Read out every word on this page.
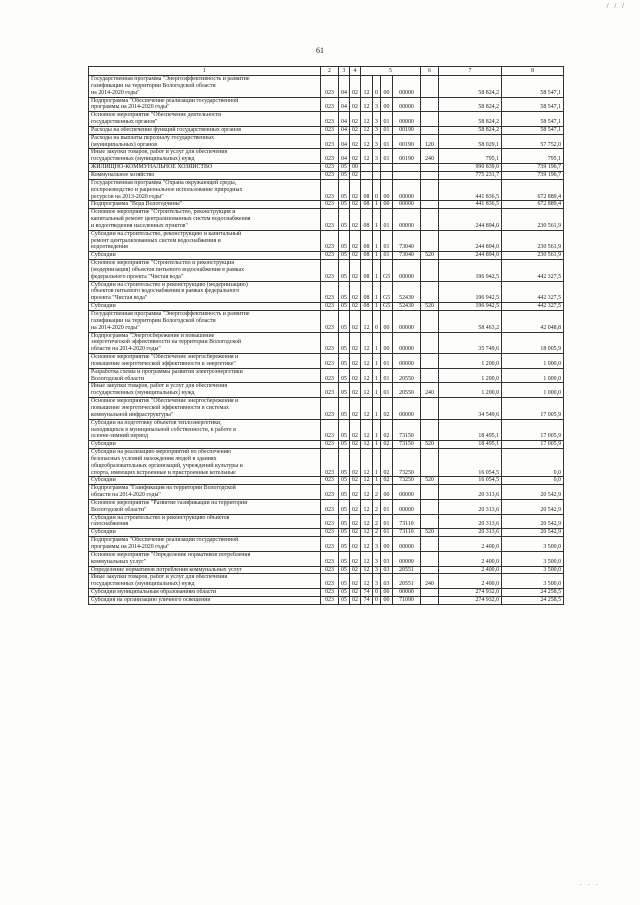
/ / /
61
1	2	3	4	5				6	7	8
Государственная программа "Энергоэффективность и развитие
газификации на территории Вологодской области
на 2014-2020 годы"	023	04	02	12	0	00	00000		58 824,2	58 547,1
Подпрограмма "Обеспечение реализации государственной
программы на 2014-2020 годы"	023	04	02	12	3	00	00000		58 824,2	58 547,1
Основное мероприятие "Обеспечение деятельности
государственных органов"	023	04	02	12	3	01	00000		58 824,2	58 547,1
Расходы на обеспечение функций государственных органов	023	04	02	12	3	01	00190		58 824,2	58 547,1
Расходы на выплаты персоналу государственных
(муниципальных) органов	023	04	02	12	3	01	00190	120	58 029,1	57 752,0
Иные закупки товаров, работ и услуг для обеспечения
государственных (муниципальных) нужд	023	04	02	12	3	01	00190	240	795,1	795,1
ЖИЛИЩНО-КОММУНАЛЬНОЕ ХОЗЯЙСТВО	023	05	00						990 839,0	739 196,7
Коммунальное хозяйство	023	05	02						775 231,7	739 196,7
Государственная программа "Охрана окружающей среды,
воспроизводство и рациональное использование природных
ресурсов на 2013-2020 годы"	023	05	02	08	0	00	00000		441 836,5	672 889,4
Подпрограмма "Вода Вологодчины"	023	05	02	08	1	00	00000		441 836,5	672 889,4
Основное мероприятие "Строительство, реконструкция и
капитальный ремонт централизованных систем водоснабжения
и водоотведения населенных пунктов"	023	05	02	08	1	01	00000		244 894,0	230 561,9
Субсидии на строительство, реконструкцию и капитальный
ремонт централизованных систем водоснабжения и
водоотведения	023	05	02	08	1	01	73040		244 894,0	230 561,9
Субсидии	023	05	02	08	1	01	73040	520	244 894,0	230 561,9
Основное мероприятие "Строительство и реконструкция
(модернизация) объектов питьевого водоснабжения в рамках
федерального проекта "Чистая вода"	023	05	02	08	1	G5	00000		196 942,5	442 327,5
Субсидии на строительство и реконструкцию (модернизацию)
объектов питьевого водоснабжения в рамках федерального
проекта "Чистая вода"	023	05	02	08	1	G5	52430		196 942,5	442 327,5
Субсидии	023	05	02	08	1	G5	52430	520	196 942,5	442 327,5
Государственная программа "Энергоэффективность и развитие
газификации на территории Вологодской области
на 2014-2020 годы"	023	05	02	12	0	00	00000		58 463,2	42 048,8
Подпрограмма "Энергосбережение и повышение
энергетической эффективности на территории Вологодской
области на 2014-2020 годы"	023	05	02	12	1	00	00000		35 749,6	18 005,9
Основное мероприятие "Обеспечение энергосбережения и
повышение энергетической эффективности в энергетике"	023	05	02	12	1	01	00000		1 200,0	1 000,0
Разработка схемы и программы развития электроэнергетики
Вологодской области	023	05	02	12	1	01	20550		1 200,0	1 000,0
Иные закупки товаров, работ и услуг для обеспечения
государственных (муниципальных) нужд	023	05	02	12	1	01	20550	240	1 200,0	1 000,0
Основное мероприятие "Обеспечение энергосбережения и
повышение энергетической эффективности в системах
коммунальной инфраструктуры"	023	05	02	12	1	02	00000		34 549,6	17 005,9
Субсидии на подготовку объектов теплоэнергетики,
находящихся в муниципальной собственности, к работе в
осенне-зимний период	023	05	02	12	1	02	73150		18 495,1	17 005,9
Субсидии	023	05	02	12	1	02	73150	520	18 495,1	17 005,9
Субсидии на реализацию мероприятий по обеспечению
безопасных условий нахождения людей в зданиях
общеобразовательных организаций, учреждений культуры и
спорта, имеющих встроенные и пристроенные котельные	023	05	02	12	1	02	73250		16 054,5	0,0
Субсидии	023	05	02	12	1	02	73250	520	16 054,5	0,0
Подпрограмма "Газификация на территории Вологодской
области на 2014-2020 годы"	023	05	02	12	2	00	00000		20 313,6	20 542,9
Основное мероприятие "Развитие газификации на территории
Вологодской области"	023	05	02	12	2	01	00000		20 313,6	20 542,9
Субсидии на строительство и реконструкцию объектов
газоснабжения	023	05	02	12	2	01	73110		20 313,6	20 542,9
Субсидии	023	05	02	12	2	01	73110	520	20 313,6	20 542,9
Подпрограмма "Обеспечение реализации государственной
программы на 2014-2020 годы"	023	05	02	12	3	00	00000		2 400,0	3 500,0
Основное мероприятие "Определение нормативов потребления
коммунальных услуг"	023	05	02	12	3	03	00000		2 400,0	3 500,0
Определение нормативов потребления коммунальных услуг	023	05	02	12	3	03	20551		2 400,0	3 500,0
Иные закупки товаров, работ и услуг для обеспечения
государственных (муниципальных) нужд	023	05	02	12	3	03	20551	240	2 400,0	3 500,0
Субсидии муниципальным образованиям области	023	05	02	74	0	00	00000		274 932,0	24 258,5
Субсидия на организацию уличного освещения	023	05	02	74	0	00	71090		274 932,0	24 258,5
· · ·
